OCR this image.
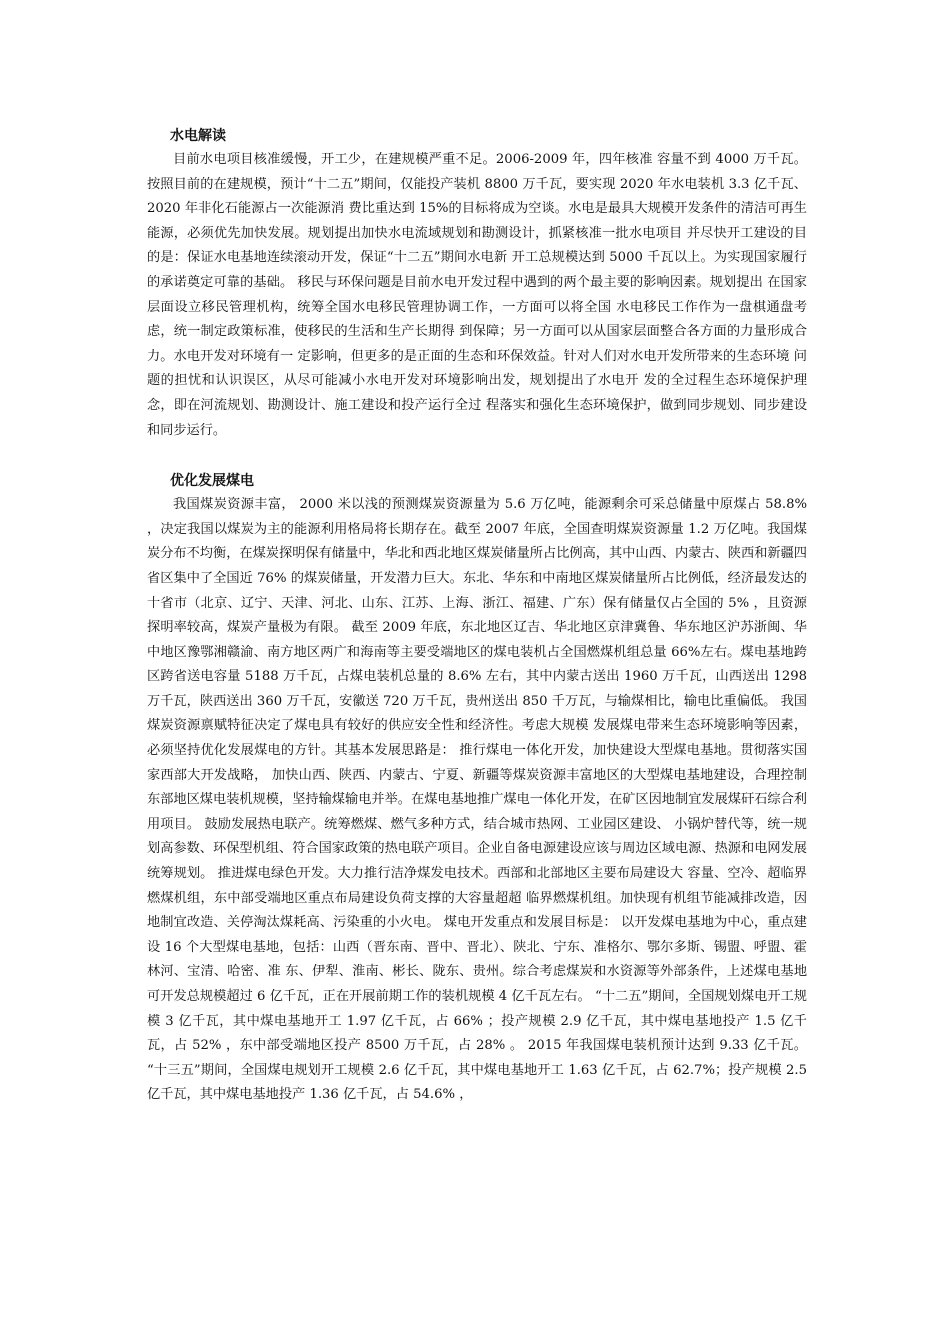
水电解读

目前水电项目核准缓慢，开工少，在建规模严重不足。2006-2009 年，四年核准 容量不到 4000 万千瓦。按照目前的在建规模，预计“十二五”期间，仅能投产装机 8800 万千瓦，要实现 2020 年水电装机 3.3 亿千瓦、2020 年非化石能源占一次能源消 费比重达到 15%的目标将成为空谈。水电是最具大规模开发条件的清洁可再生能源，必须优先加快发展。规划提出加快水电流域规划和勘测设计，抓紧核准一批水电项目 并尽快开工建设的目的是：保证水电基地连续滚动开发，保证“十二五”期间水电新 开工总规模达到 5000 千瓦以上。为实现国家履行的承诺奠定可靠的基础。 移民与环保问题是目前水电开发过程中遇到的两个最主要的影响因素。规划提出 在国家层面设立移民管理机构，统筹全国水电移民管理协调工作，一方面可以将全国 水电移民工作作为一盘棋通盘考虑，统一制定政策标准，使移民的生活和生产长期得 到保障；另一方面可以从国家层面整合各方面的力量形成合力。水电开发对环境有一 定影响，但更多的是正面的生态和环保效益。针对人们对水电开发所带来的生态环境 问题的担忧和认识误区，从尽可能减小水电开发对环境影响出发，规划提出了水电开 发的全过程生态环境保护理念，即在河流规划、勘测设计、施工建设和投产运行全过 程落实和强化生态环境保护，做到同步规划、同步建设和同步运行。

优化发展煤电

我国煤炭资源丰富， 2000 米以浅的预测煤炭资源量为 5.6 万亿吨，能源剩余可采总储量中原煤占 58.8% ，决定我国以煤炭为主的能源利用格局将长期存在。截至 2007 年底，全国查明煤炭资源量 1.2 万亿吨。我国煤炭分布不均衡，在煤炭探明保有储量中，华北和西北地区煤炭储量所占比例高，其中山西、内蒙古、陕西和新疆四省区集中了全国近 76% 的煤炭储量，开发潜力巨大。东北、华东和中南地区煤炭储量所占比例低，经济最发达的十省市（北京、辽宁、天津、河北、山东、江苏、上海、浙江、福建、广东）保有储量仅占全国的 5% ，且资源探明率较高，煤炭产量极为有限。 截至 2009 年底，东北地区辽吉、华北地区京津冀鲁、华东地区沪苏浙闽、华中地区豫鄂湘赣渝、南方地区两广和海南等主要受端地区的煤电装机占全国燃煤机组总量 66%左右。煤电基地跨区跨省送电容量 5188 万千瓦，占煤电装机总量的 8.6% 左右，其中内蒙古送出 1960 万千瓦，山西送出 1298 万千瓦，陕西送出 360 万千瓦，安徽送 720 万千瓦，贵州送出 850 千万瓦，与输煤相比，输电比重偏低。 我国煤炭资源禀赋特征决定了煤电具有较好的供应安全性和经济性。考虑大规模 发展煤电带来生态环境影响等因素，必须坚持优化发展煤电的方针。其基本发展思路是： 推行煤电一体化开发，加快建设大型煤电基地。贯彻落实国家西部大开发战略， 加快山西、陕西、内蒙古、宁夏、新疆等煤炭资源丰富地区的大型煤电基地建设，合理控制东部地区煤电装机规模，坚持输煤输电并举。在煤电基地推广煤电一体化开发，在矿区因地制宜发展煤矸石综合利用项目。 鼓励发展热电联产。统筹燃煤、燃气多种方式，结合城市热网、工业园区建设、 小锅炉替代等，统一规划高参数、环保型机组、符合国家政策的热电联产项目。企业自备电源建设应该与周边区域电源、热源和电网发展统筹规划。 推进煤电绿色开发。大力推行洁净煤发电技术。西部和北部地区主要布局建设大 容量、空冷、超临界燃煤机组，东中部受端地区重点布局建设负荷支撑的大容量超超 临界燃煤机组。加快现有机组节能减排改造，因地制宜改造、关停淘汰煤耗高、污染重的小火电。 煤电开发重点和发展目标是： 以开发煤电基地为中心，重点建设 16 个大型煤电基地，包括：山西（晋东南、晋中、晋北）、陕北、宁东、准格尔、鄂尔多斯、锡盟、呼盟、霍林河、宝清、哈密、准 东、伊犁、淮南、彬长、陇东、贵州。综合考虑煤炭和水资源等外部条件，上述煤电基地可开发总规模超过 6 亿千瓦，正在开展前期工作的装机规模 4 亿千瓦左右。 “十二五”期间，全国规划煤电开工规模 3 亿千瓦，其中煤电基地开工 1.97 亿千瓦，占 66% ；投产规模 2.9 亿千瓦，其中煤电基地投产 1.5 亿千瓦，占 52% ，东中部受端地区投产 8500 万千瓦，占 28% 。 2015 年我国煤电装机预计达到 9.33 亿千瓦。 “十三五”期间，全国煤电规划开工规模 2.6 亿千瓦，其中煤电基地开工 1.63 亿千瓦，占 62.7%；投产规模 2.5 亿千瓦，其中煤电基地投产 1.36 亿千瓦，占 54.6% ，
